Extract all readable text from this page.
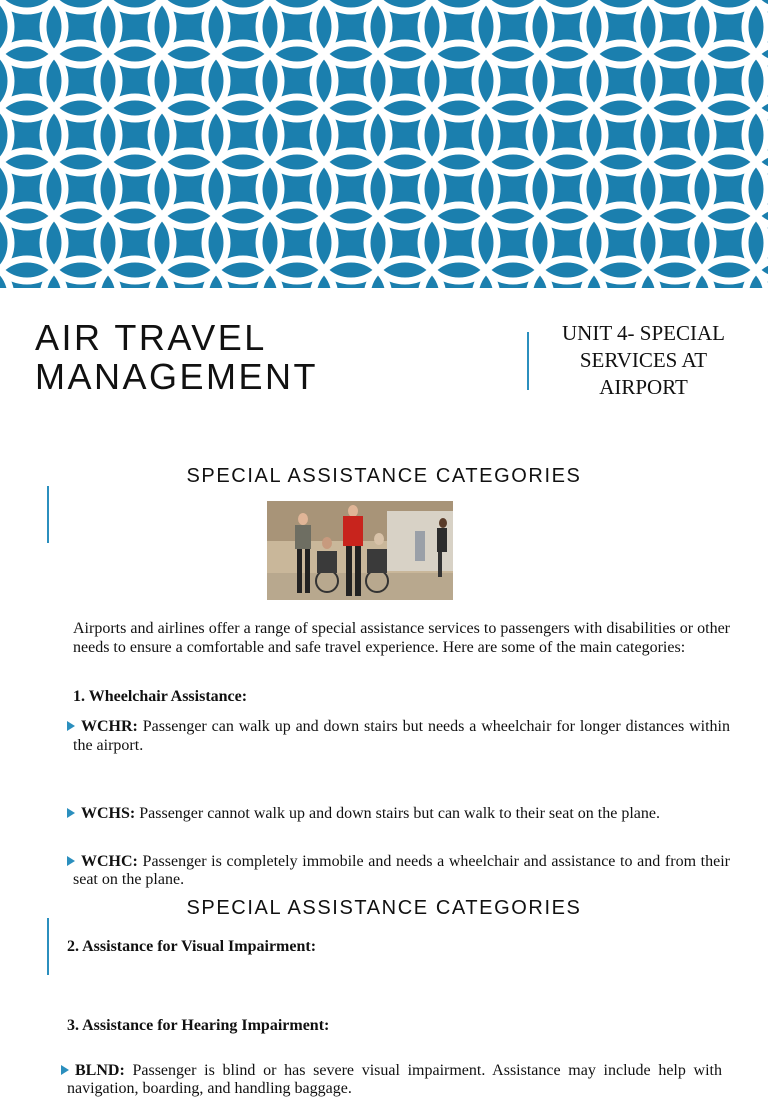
AIR TRAVEL
MANAGEMENT
UNIT 4- SPECIAL
SERVICES AT
AIRPORT
SPECIAL ASSISTANCE CATEGORIES

Airports and airlines offer a range of special assistance services to passengers with disabilities or other needs to ensure a comfortable and safe travel experience. Here are some of the main categories:

1. Wheelchair Assistance:

WCHR: Passenger can walk up and down stairs but needs a wheelchair for longer distances within the airport.

WCHS: Passenger cannot walk up and down stairs but can walk to their seat on the plane.

WCHC: Passenger is completely immobile and needs a wheelchair and assistance to and from their seat on the plane.

SPECIAL ASSISTANCE CATEGORIES

2. Assistance for Visual Impairment:

BLND: Passenger is blind or has severe visual impairment. Assistance may include help with navigation, boarding, and handling baggage.

3. Assistance for Hearing Impairment:
